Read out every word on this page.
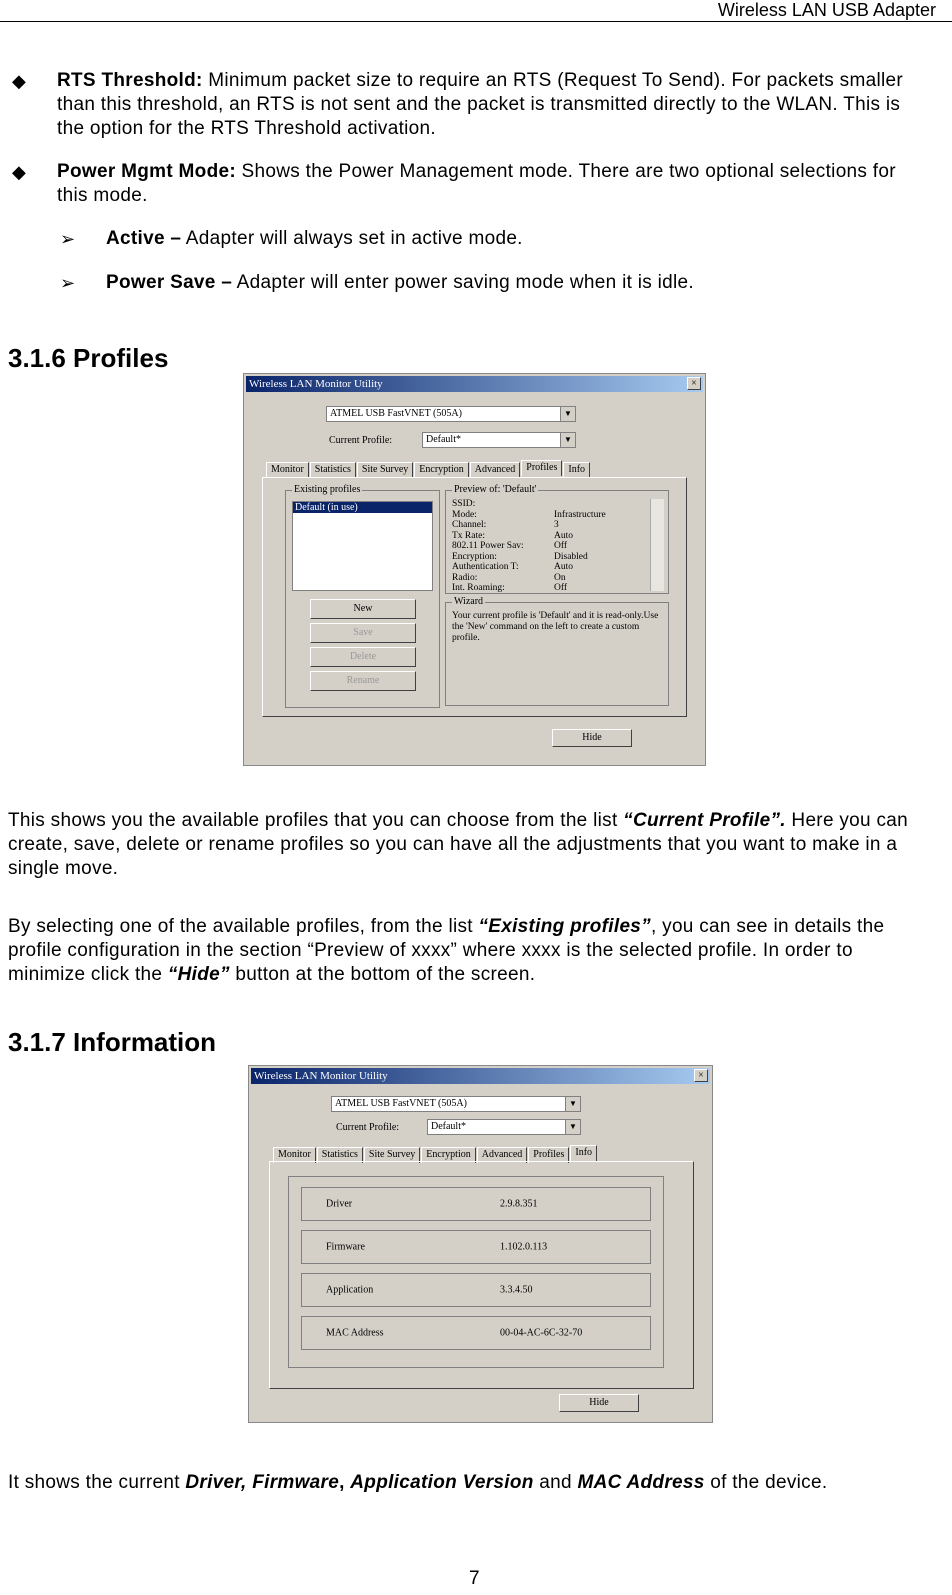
Wireless LAN USB Adapter
◆ RTS Threshold: Minimum packet size to require an RTS (Request To Send). For packets smaller than this threshold, an RTS is not sent and the packet is transmitted directly to the WLAN. This is the option for the RTS Threshold activation.
◆ Power Mgmt Mode: Shows the Power Management mode. There are two optional selections for this mode.
➢ Active – Adapter will always set in active mode.
➢ Power Save – Adapter will enter power saving mode when it is idle.
3.1.6 Profiles
Wireless LAN Monitor Utility	×
ATMEL USB FastVNET (505A)	▼
Current Profile:	Default*	▼
Monitor	Statistics	Site Survey	Encryption	Advanced	Profiles	Info
Existing profiles
Default (in use)
New
Save
Delete
Rename
Preview of: 'Default'
SSID:
Mode:	Infrastructure
Channel:	3
Tx Rate:	Auto
802.11 Power Sav:	Off
Encryption:	Disabled
Authentication T:	Auto
Radio:	On
Int. Roaming:	Off
Wizard
Your current profile is 'Default' and it is read-only.Use the 'New' command on the left to create a custom profile.
Hide
This shows you the available profiles that you can choose from the list “Current Profile”. Here you can create, save, delete or rename profiles so you can have all the adjustments that you want to make in a single move.
By selecting one of the available profiles, from the list “Existing profiles”, you can see in details the profile configuration in the section “Preview of xxxx” where xxxx is the selected profile. In order to minimize click the “Hide” button at the bottom of the screen.
3.1.7 Information
Wireless LAN Monitor Utility	×
ATMEL USB FastVNET (505A)	▼
Current Profile:	Default*	▼
Monitor	Statistics	Site Survey	Encryption	Advanced	Profiles	Info
Driver	2.9.8.351
Firmware	1.102.0.113
Application	3.3.4.50
MAC Address	00-04-AC-6C-32-70
Hide
It shows the current Driver, Firmware, Application Version and MAC Address of the device.
7
